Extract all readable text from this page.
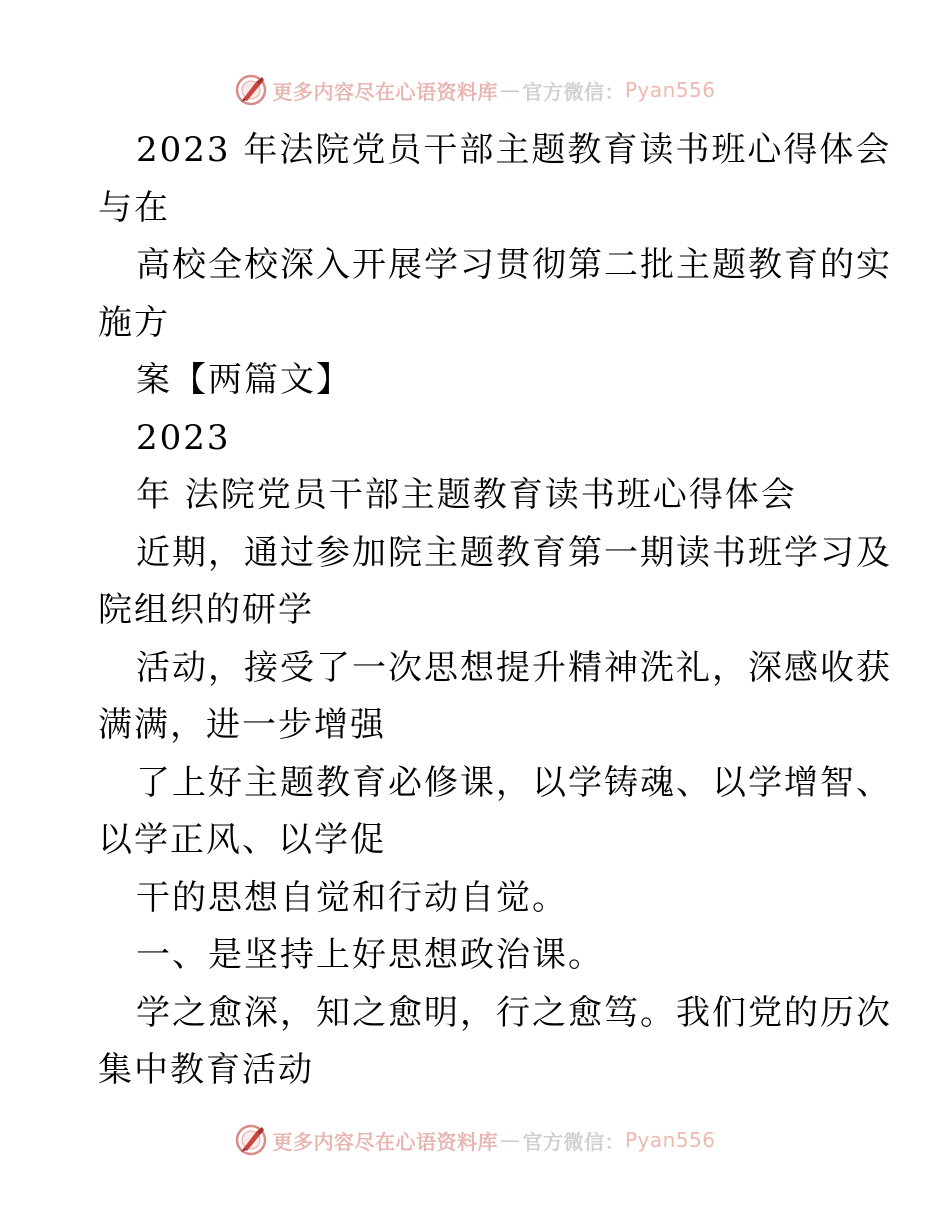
更多内容尽在心语资料库 — 官方微信： Pyan556
2023 年法院党员干部主题教育读书班心得体会
与在
高校全校深入开展学习贯彻第二批主题教育的实
施方
案【两篇文】
2023
年 法院党员干部主题教育读书班心得体会
近期，通过参加院主题教育第一期读书班学习及
院组织的研学
活动，接受了一次思想提升精神洗礼，深感收获
满满，进一步增强
了上好主题教育必修课，以学铸魂、以学增智、
以学正风、以学促
干的思想自觉和行动自觉。
一、是坚持上好思想政治课。
学之愈深，知之愈明，行之愈笃。我们党的历次
集中教育活动
更多内容尽在心语资料库 — 官方微信： Pyan556
